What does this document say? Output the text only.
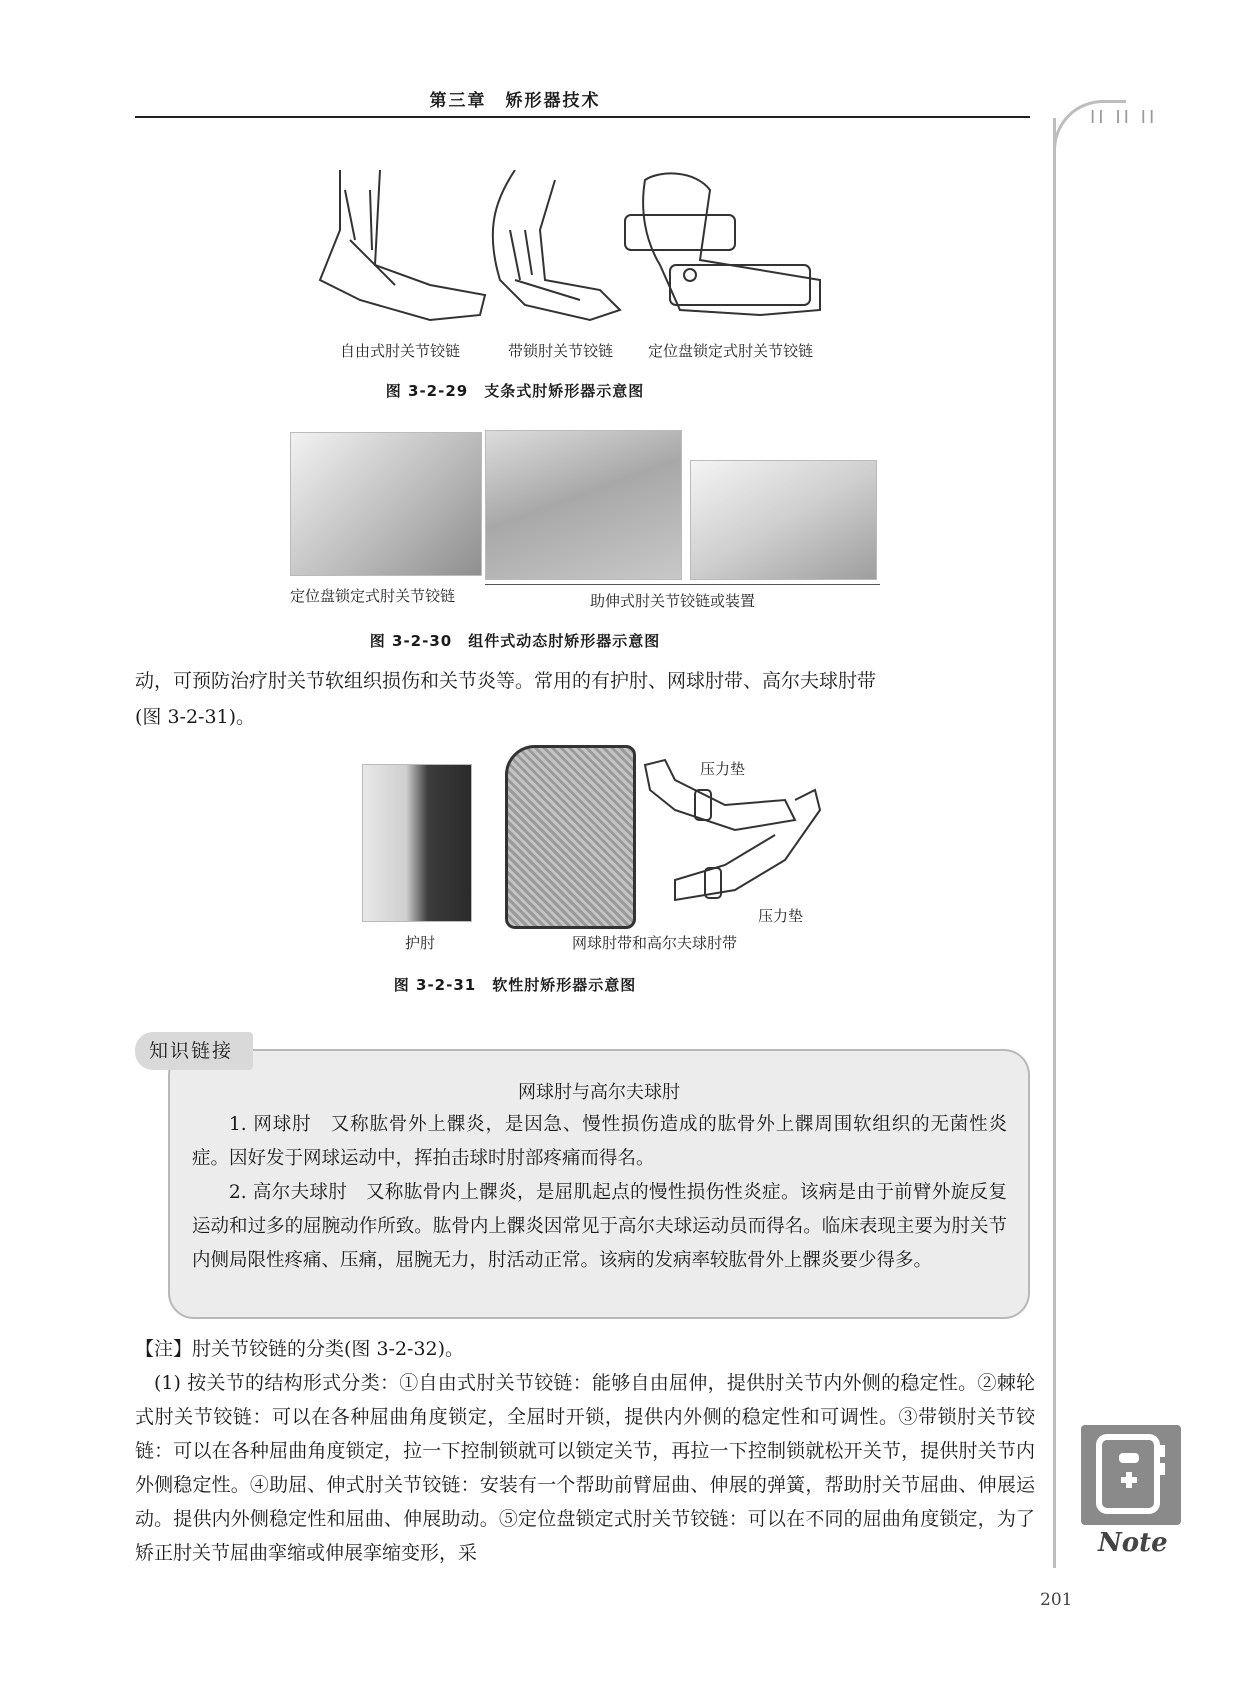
第三章　矫形器技术
II II II
自由式肘关节铰链	带锁肘关节铰链 定位盘锁定式肘关节铰链
图 3-2-29　支条式肘矫形器示意图
定位盘锁定式肘关节铰链	助伸式肘关节铰链或装置
图 3-2-30　组件式动态肘矫形器示意图

动，可预防治疗肘关节软组织损伤和关节炎等。常用的有护肘、网球肘带、高尔夫球肘带

(图 3-2-31)。

压力垫
压力垫
护肘	网球肘带和高尔夫球肘带
图 3-2-31　软性肘矫形器示意图
知识链接
网球肘与高尔夫球肘

1. 网球肘　又称肱骨外上髁炎，是因急、慢性损伤造成的肱骨外上髁周围软组织的无菌性炎症。因好发于网球运动中，挥拍击球时肘部疼痛而得名。

2. 高尔夫球肘　又称肱骨内上髁炎，是屈肌起点的慢性损伤性炎症。该病是由于前臂外旋反复运动和过多的屈腕动作所致。肱骨内上髁炎因常见于高尔夫球运动员而得名。临床表现主要为肘关节内侧局限性疼痛、压痛，屈腕无力，肘活动正常。该病的发病率较肱骨外上髁炎要少得多。

【注】肘关节铰链的分类(图 3-2-32)。

(1) 按关节的结构形式分类：①自由式肘关节铰链：能够自由屈伸，提供肘关节内外侧的稳定性。②棘轮式肘关节铰链：可以在各种屈曲角度锁定，全屈时开锁，提供内外侧的稳定性和可调性。③带锁肘关节铰链：可以在各种屈曲角度锁定，拉一下控制锁就可以锁定关节，再拉一下控制锁就松开关节，提供肘关节内外侧稳定性。④助屈、伸式肘关节铰链：安装有一个帮助前臂屈曲、伸展的弹簧，帮助肘关节屈曲、伸展运动。提供内外侧稳定性和屈曲、伸展助动。⑤定位盘锁定式肘关节铰链：可以在不同的屈曲角度锁定，为了矫正肘关节屈曲挛缩或伸展挛缩变形，采	Note
201
